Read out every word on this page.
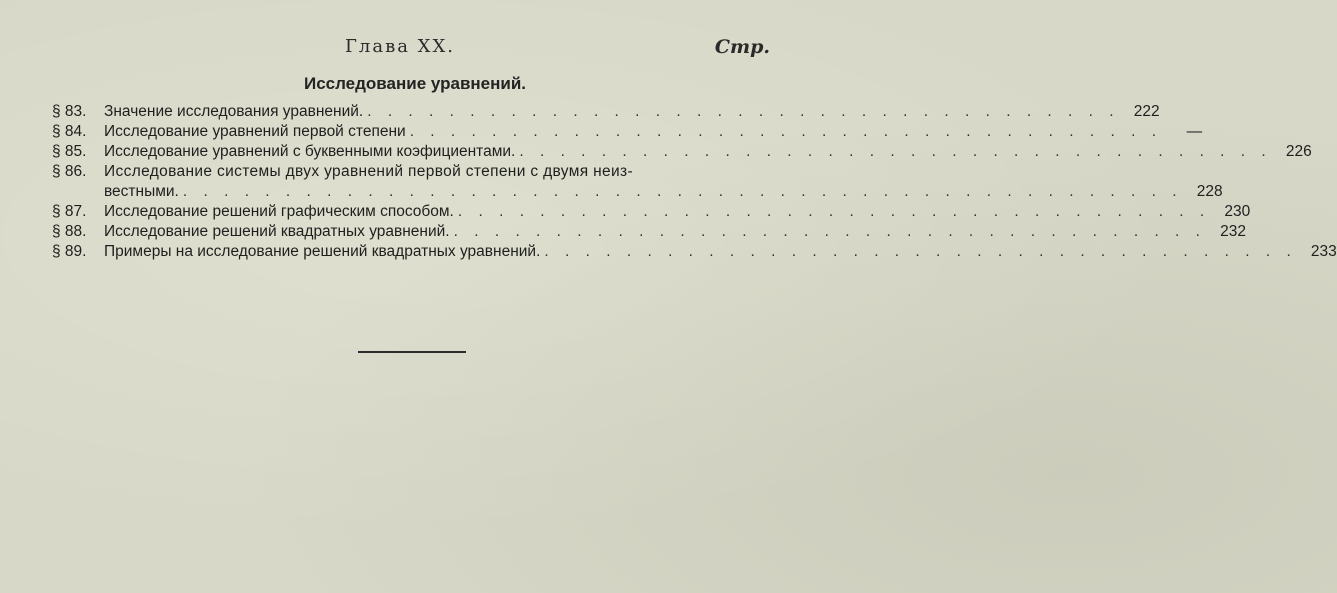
Глава XX.	Стр.
Исследование уравнений.
§ 83.	Значение исследования уравнений. . . . . . . . . . . . . . . . . . . . . . . . . . . . . . . . . . . . . . 222
§ 84.	Исследование уравнений первой степени . . . . . . . . . . . . . . . . . . . . . . . . . . . . . . . . . . . . .	—
§ 85.	Исследование уравнений с буквенными коэфициентами. . . . . . . . . . . . . . . . . . . . . . . . . . . . . . . . . . . . . . 226
§ 86.	Исследование системы двух уравнений первой степени с двумя неиз-
вестными. . . . . . . . . . . . . . . . . . . . . . . . . . . . . . . . . . . . . . . . . . . . . . . . . . 228
§ 87.	Исследование решений графическим способом. . . . . . . . . . . . . . . . . . . . . . . . . . . . . . . . . . . . . . 230
§ 88.	Исследование решений квадратных уравнений. . . . . . . . . . . . . . . . . . . . . . . . . . . . . . . . . . . . . . 232
§ 89.	Примеры на исследование решений квадратных уравнений. . . . . . . . . . . . . . . . . . . . . . . . . . . . . . . . . . . . . . 233
